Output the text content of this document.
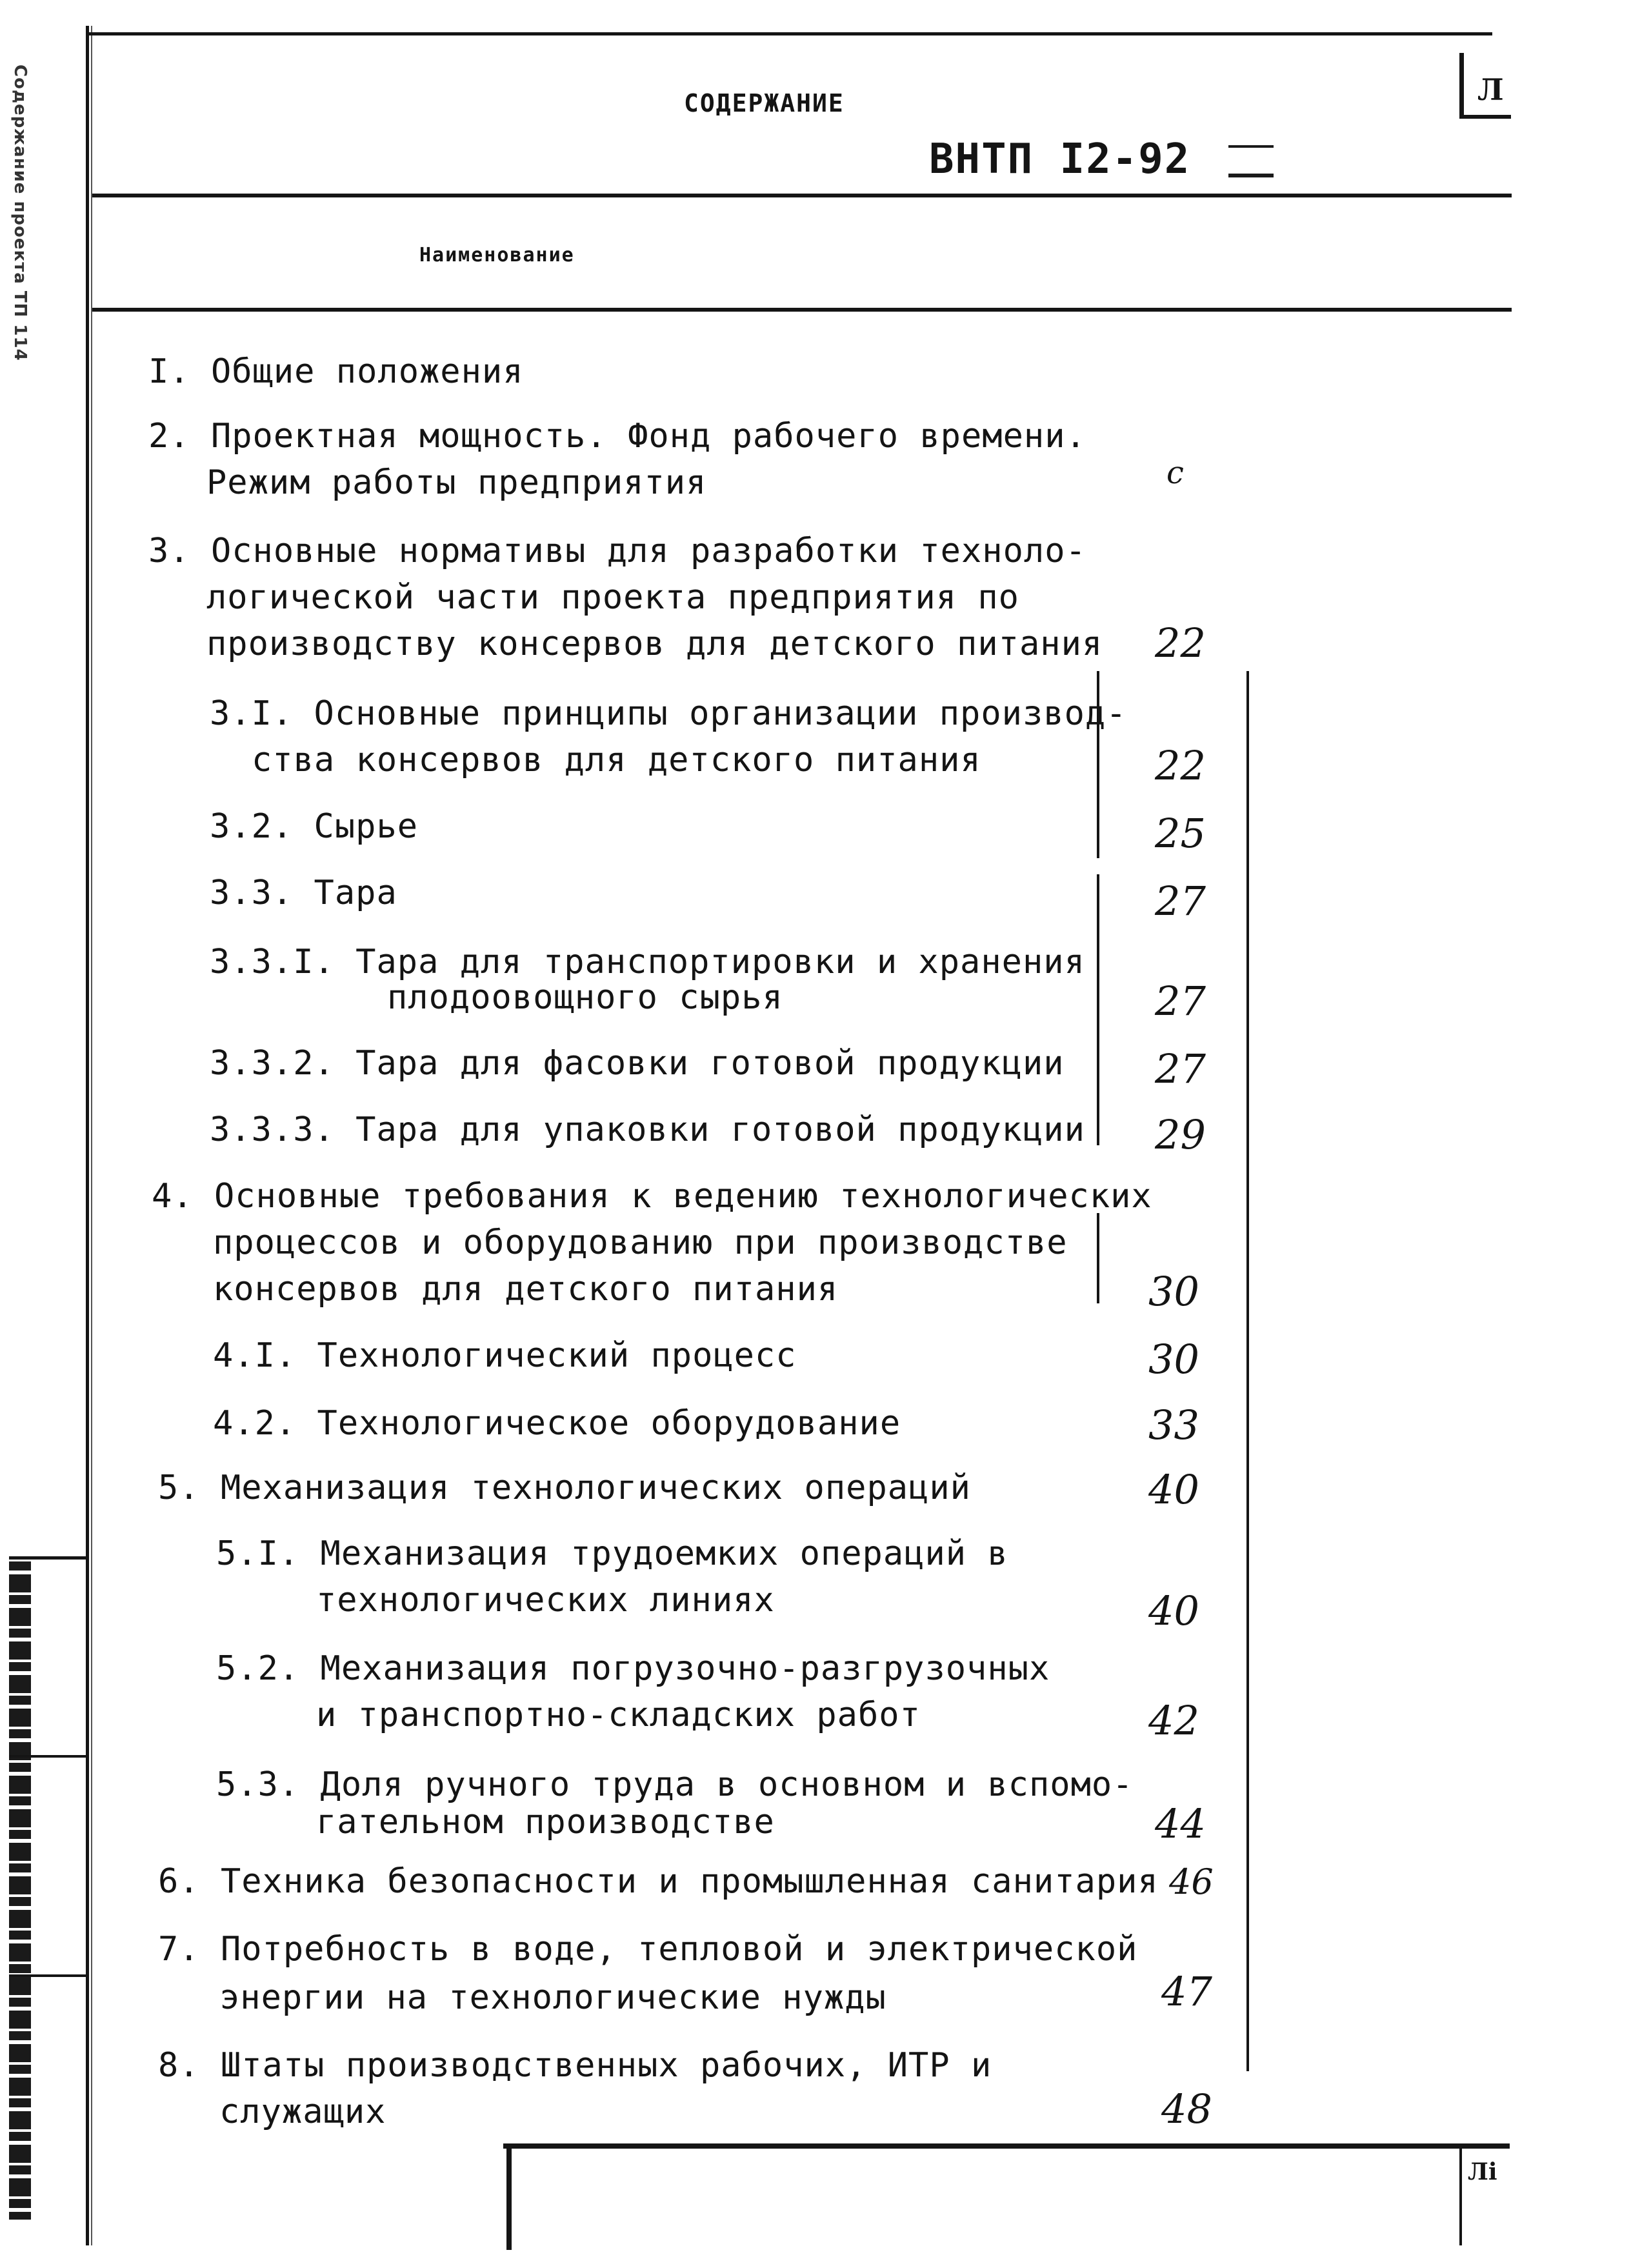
Содержание проекта ТП 114	Л
СОДЕРЖАНИЕ
ВНТП I2-92
Наименование
I. Общие положения
2. Проектная мощность. Фонд рабочего времени.
Режим работы предприятия	с
3. Основные нормативы для разработки техноло-
логической части проекта предприятия по
производству консервов для детского питания 22
3.I. Основные принципы организации производ-
ства консервов для детского питания	22
3.2. Сырье	25
3.3. Тара	27
3.3.I. Тара для транспортировки и хранения
плодоовощного сырья	27
3.3.2. Тара для фасовки готовой продукции 27
3.3.3. Тара для упаковки готовой продукции 29
4. Основные требования к ведению технологических
процессов и оборудованию при производстве
консервов для детского питания	30
4.I. Технологический процесс	30
4.2. Технологическое оборудование	33
5. Механизация технологических операций	40
5.I. Механизация трудоемких операций в
технологических линиях	40
5.2. Механизация погрузочно-разгрузочных
и транспортно-складских работ	42
5.3. Доля ручного труда в основном и вспомо-
гательном производстве	44
6. Техника безопасности и промышленная санитария 46
7. Потребность в воде, тепловой и электрической
энергии на технологические нужды	47
8. Штаты производственных рабочих, ИТР и
служащих	48
Лі
